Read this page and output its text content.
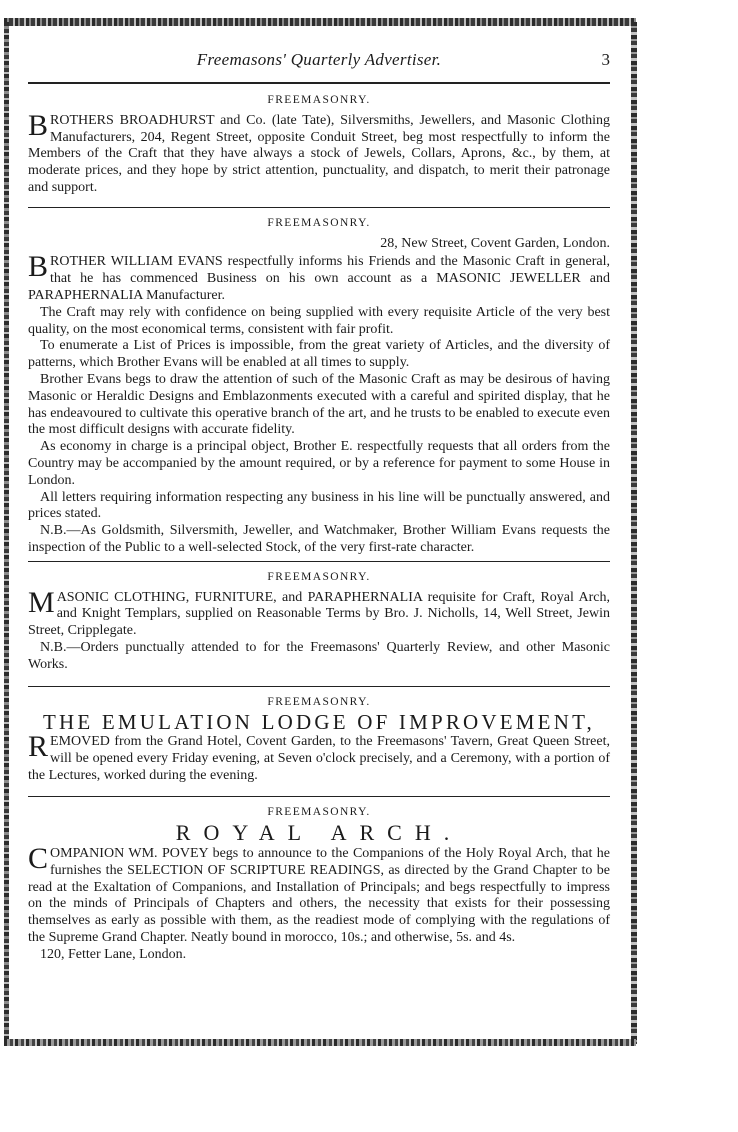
Freemasons' Quarterly Advertiser.	3
FREEMASONRY.

BROTHERS BROADHURST and Co. (late Tate), Silversmiths, Jewellers, and Masonic Clothing Manufacturers, 204, Regent Street, opposite Conduit Street, beg most respectfully to inform the Members of the Craft that they have always a stock of Jewels, Collars, Aprons, &c., by them, at moderate prices, and they hope by strict attention, punctuality, and dispatch, to merit their patronage and support.

FREEMASONRY.
28, New Street, Covent Garden, London.

BROTHER WILLIAM EVANS respectfully informs his Friends and the Masonic Craft in general, that he has commenced Business on his own account as a MASONIC JEWELLER and PARAPHERNALIA Manufacturer.

The Craft may rely with confidence on being supplied with every requisite Article of the very best quality, on the most economical terms, consistent with fair profit.

To enumerate a List of Prices is impossible, from the great variety of Articles, and the diversity of patterns, which Brother Evans will be enabled at all times to supply.

Brother Evans begs to draw the attention of such of the Masonic Craft as may be desirous of having Masonic or Heraldic Designs and Emblazonments executed with a careful and spirited display, that he has endeavoured to cultivate this operative branch of the art, and he trusts to be enabled to execute even the most difficult designs with accurate fidelity.

As economy in charge is a principal object, Brother E. respectfully requests that all orders from the Country may be accompanied by the amount required, or by a reference for payment to some House in London.

All letters requiring information respecting any business in his line will be punctually answered, and prices stated.

N.B.—As Goldsmith, Silversmith, Jeweller, and Watchmaker, Brother William Evans requests the inspection of the Public to a well-selected Stock, of the very first-rate character.

FREEMASONRY.

MASONIC CLOTHING, FURNITURE, and PARAPHERNALIA requisite for Craft, Royal Arch, and Knight Templars, supplied on Reasonable Terms by Bro. J. Nicholls, 14, Well Street, Jewin Street, Cripplegate.

N.B.—Orders punctually attended to for the Freemasons' Quarterly Review, and other Masonic Works.

FREEMASONRY.
THE EMULATION LODGE OF IMPROVEMENT,

REMOVED from the Grand Hotel, Covent Garden, to the Freemasons' Tavern, Great Queen Street, will be opened every Friday evening, at Seven o'clock precisely, and a Ceremony, with a portion of the Lectures, worked during the evening.

FREEMASONRY.
ROYAL ARCH.

COMPANION WM. POVEY begs to announce to the Companions of the Holy Royal Arch, that he furnishes the SELECTION OF SCRIPTURE READINGS, as directed by the Grand Chapter to be read at the Exaltation of Companions, and Installation of Principals; and begs respectfully to impress on the minds of Principals of Chapters and others, the necessity that exists for their possessing themselves as early as possible with them, as the readiest mode of complying with the regulations of the Supreme Grand Chapter. Neatly bound in morocco, 10s.; and otherwise, 5s. and 4s.

120, Fetter Lane, London.
